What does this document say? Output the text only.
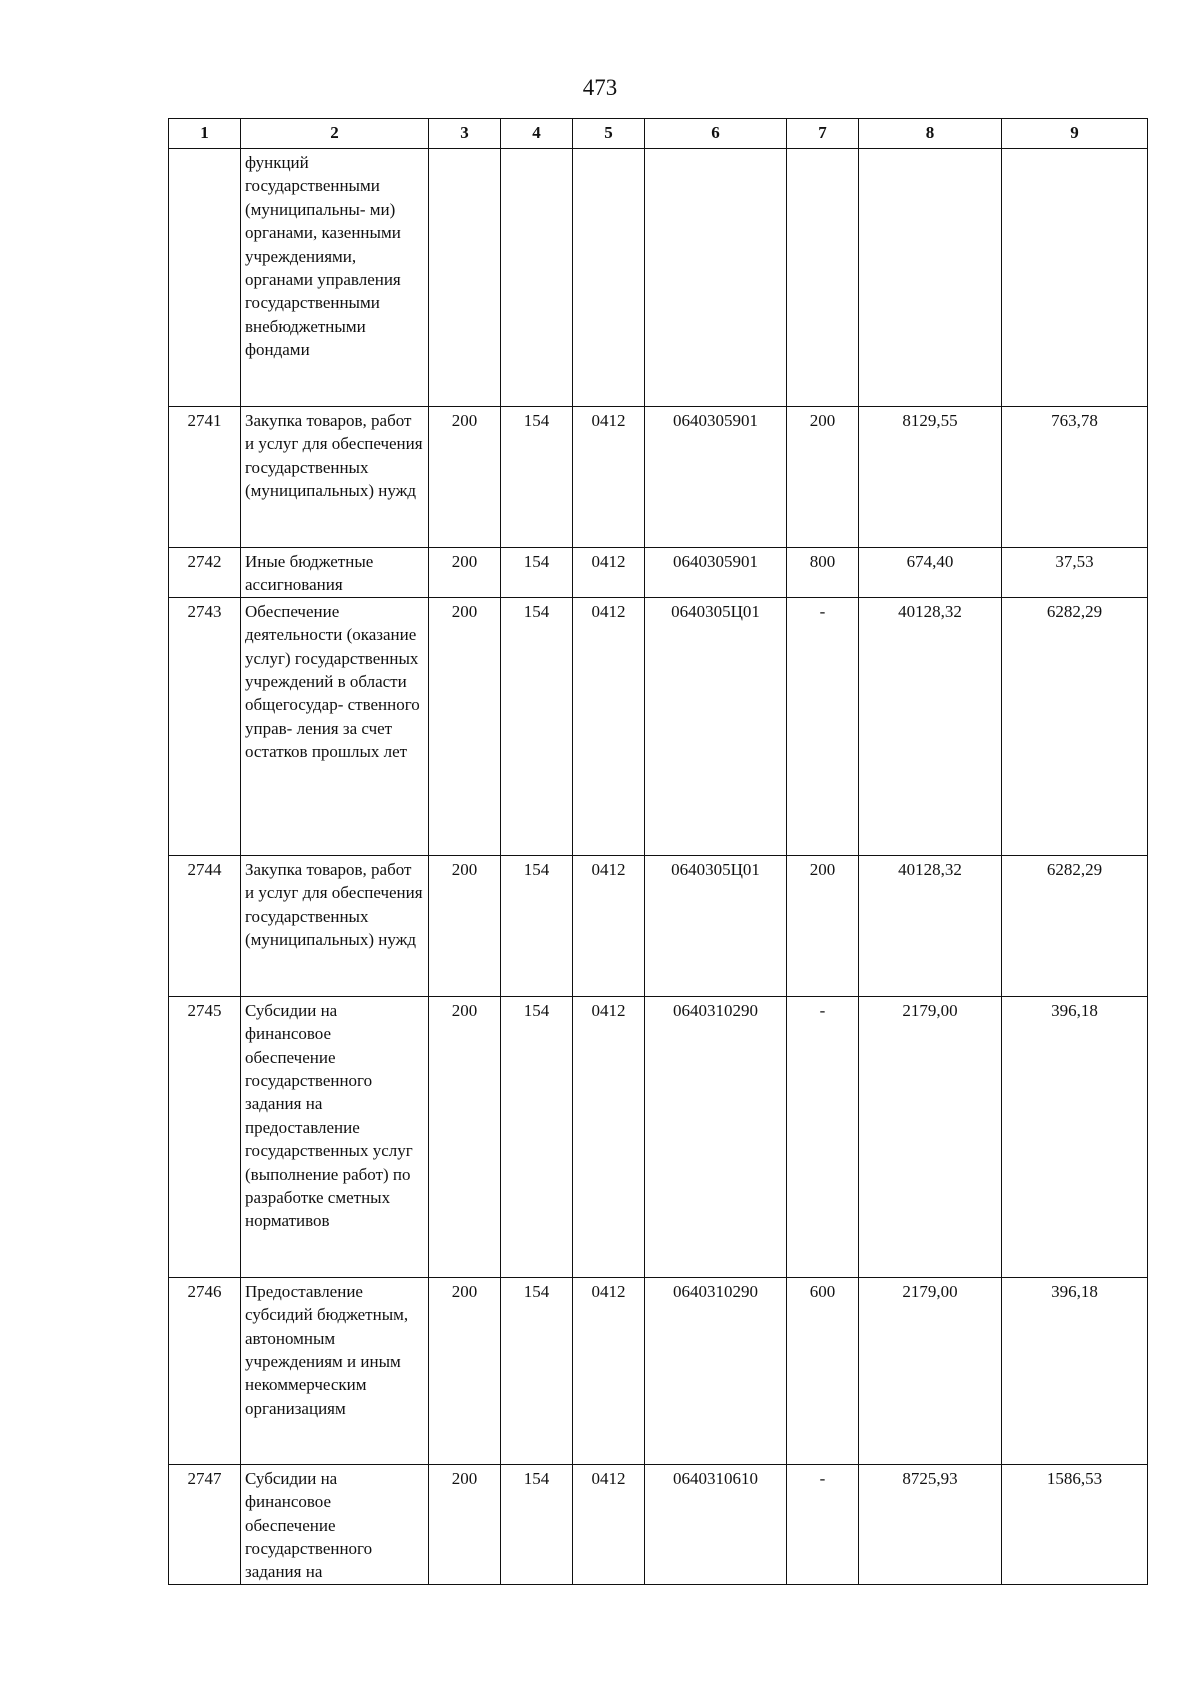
473
1	2	3	4	5	6	7	8	9
	функций государственными (муниципальны- ми) органами, казенными учреждениями, органами управления государственными внебюджетными фондами							
2741	Закупка товаров, работ и услуг для обеспечения государственных (муниципальных) нужд	200	154	0412	0640305901	200	8129,55	763,78
2742	Иные бюджетные ассигнования	200	154	0412	0640305901	800	674,40	37,53
2743	Обеспечение деятельности (оказание услуг) государственных учреждений в области общегосудар- ственного управ- ления за счет остатков прошлых лет	200	154	0412	0640305Ц01	-	40128,32	6282,29
2744	Закупка товаров, работ и услуг для обеспечения государственных (муниципальных) нужд	200	154	0412	0640305Ц01	200	40128,32	6282,29
2745	Субсидии на финансовое обеспечение государственного задания на предоставление государственных услуг (выполнение работ) по разработке сметных нормативов	200	154	0412	0640310290	-	2179,00	396,18
2746	Предоставление субсидий бюджетным, автономным учреждениям и иным некоммерческим организациям	200	154	0412	0640310290	600	2179,00	396,18
2747	Субсидии на финансовое обеспечение государственного задания на	200	154	0412	0640310610	-	8725,93	1586,53
